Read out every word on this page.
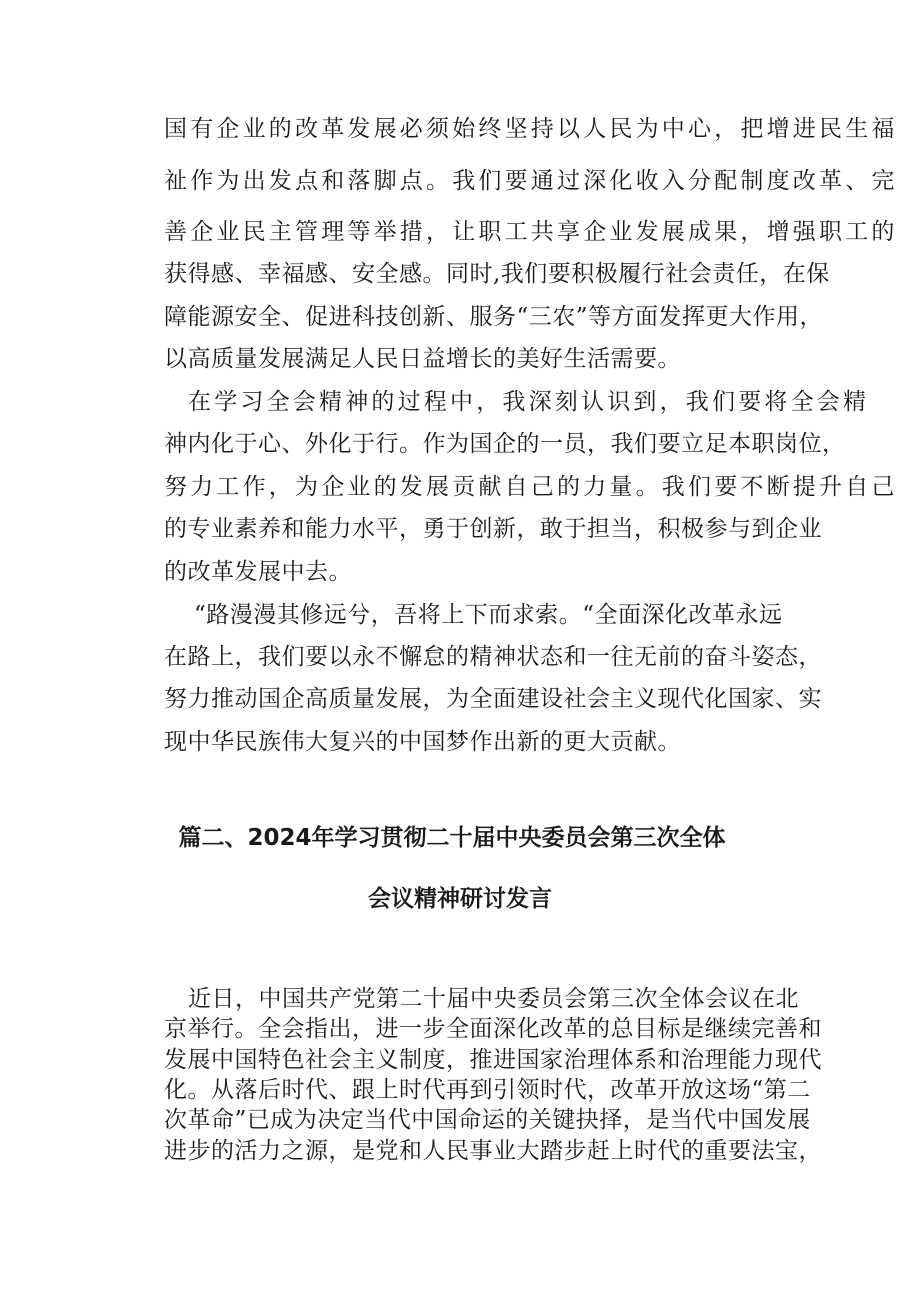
国有企业的改革发展必须始终坚持以人民为中心，把增进民生福
祉作为出发点和落脚点。我们要通过深化收入分配制度改革、完
善企业民主管理等举措，让职工共享企业发展成果，增强职工的
获得感、幸福感、安全感。同时,我们要积极履行社会责任，在保
障能源安全、促进科技创新、服务“三农”等方面发挥更大作用，
以高质量发展满足人民日益增长的美好生活需要。
在学习全会精神的过程中，我深刻认识到，我们要将全会精
神内化于心、外化于行。作为国企的一员，我们要立足本职岗位，
努力工作，为企业的发展贡献自己的力量。我们要不断提升自己
的专业素养和能力水平，勇于创新，敢于担当，积极参与到企业
的改革发展中去。
“路漫漫其修远兮，吾将上下而求索。“全面深化改革永远
在路上，我们要以永不懈怠的精神状态和一往无前的奋斗姿态，
努力推动国企高质量发展，为全面建设社会主义现代化国家、实
现中华民族伟大复兴的中国梦作出新的更大贡献。
篇二、2024年学习贯彻二十届中央委员会第三次全体
会议精神研讨发言
近日，中国共产党第二十届中央委员会第三次全体会议在北
京举行。全会指出，进一步全面深化改革的总目标是继续完善和
发展中国特色社会主义制度，推进国家治理体系和治理能力现代
化。从落后时代、跟上时代再到引领时代，改革开放这场“第二
次革命”已成为决定当代中国命运的关键抉择，是当代中国发展
进步的活力之源，是党和人民事业大踏步赶上时代的重要法宝，
